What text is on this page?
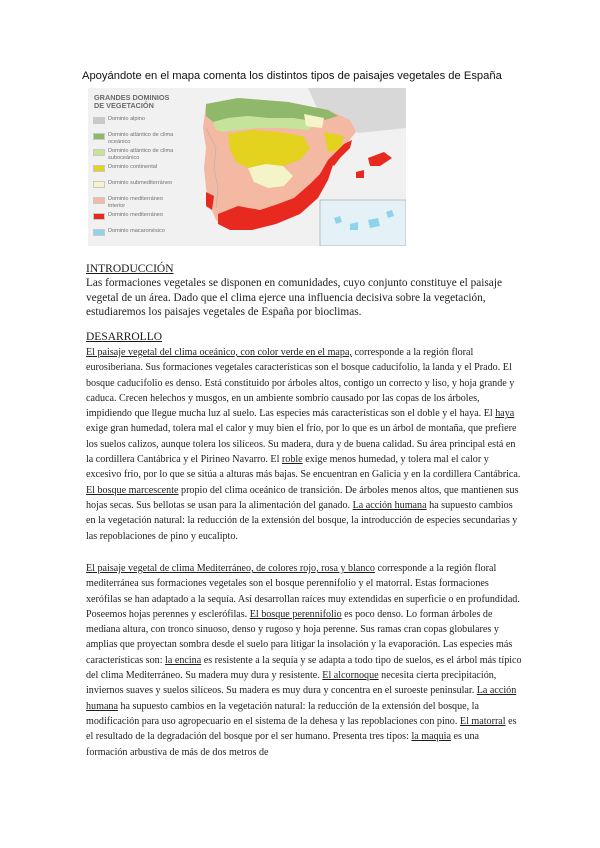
Apoyándote en el mapa comenta los distintos tipos de paisajes vegetales de España
GRANDES DOMINIOS DE VEGETACIÓN
Dominio alpino
Dominio atlántico de clima oceánico
Dominio atlántico de clima suboceánico
Dominio continental
Dominio submediterráneo
Dominio mediterráneo interior
Dominio mediterráneo
Dominio macaronésico
INTRODUCCIÓN
Las formaciones vegetales se disponen en comunidades, cuyo conjunto constituye el paisaje vegetal de un área. Dado que el clima ejerce una influencia decisiva sobre la vegetación, estudiaremos los paisajes vegetales de España por bioclimas.
DESARROLLO
El paisaje vegetal del clima oceánico, con color verde en el mapa, corresponde a la región floral eurosiberiana. Sus formaciones vegetales características son el bosque caducifolio, la landa y el Prado. El bosque caducifolio es denso. Está constituido por árboles altos, contigo un correcto y liso, y hoja grande y caduca. Crecen helechos y musgos, en un ambiente sombrío causado por las copas de los árboles, impidiendo que llegue mucha luz al suelo. Las especies más características son el doble y el haya. El haya exige gran humedad, tolera mal el calor y muy bien el frío, por lo que es un árbol de montaña, que prefiere los suelos calizos, aunque tolera los silíceos. Su madera, dura y de buena calidad. Su área principal está en la cordillera Cantábrica y el Pirineo Navarro. El roble exige menos humedad, y tolera mal el calor y excesivo frío, por lo que se sitúa a alturas más bajas. Se encuentran en Galicia y en la cordillera Cantábrica. El bosque marcescente propio del clima oceánico de transición. De árboles menos altos, que mantienen sus hojas secas. Sus bellotas se usan para la alimentación del ganado. La acción humana ha supuesto cambios en la vegetación natural: la reducción de la extensión del bosque, la introducción de especies secundarias y las repoblaciones de pino y eucalipto.
El paisaje vegetal de clima Mediterráneo, de colores rojo, rosa y blanco corresponde a la región floral mediterránea sus formaciones vegetales son el bosque perennifolio y el matorral. Estas formaciones xerófilas se han adaptado a la sequía. Así desarrollan raíces muy extendidas en superficie o en profundidad. Poseemos hojas perennes y esclerófilas. El bosque perennifolio es poco denso. Lo forman árboles de mediana altura, con tronco sinuoso, denso y rugoso y hoja perenne. Sus ramas cran copas globulares y amplias que proyectan sombra desde el suelo para litigar la insolación y la evaporación. Las especies más características son: la encina es resistente a la sequía y se adapta a todo tipo de suelos, es el árbol más típico del clima Mediterráneo. Su madera muy dura y resistente. El alcornoque necesita cierta precipitación, inviernos suaves y suelos silíceos. Su madera es muy dura y concentra en el suroeste peninsular. La acción humana ha supuesto cambios en la vegetación natural: la reducción de la extensión del bosque, la modificación para uso agropecuario en el sistema de la dehesa y las repoblaciones con pino. El matorral es el resultado de la degradación del bosque por el ser humano. Presenta tres tipos: la maquia es una formación arbustiva de más de dos metros de
